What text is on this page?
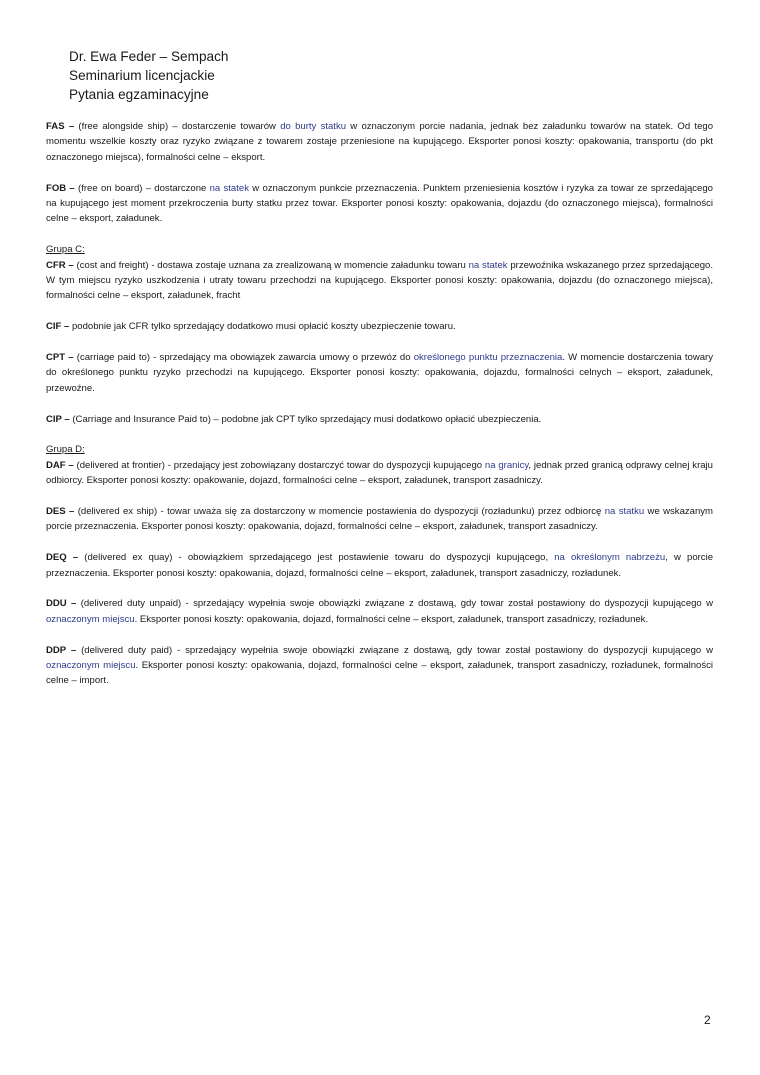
Dr. Ewa Feder – Sempach
Seminarium licencjackie
Pytania egzaminacyjne

FAS – (free alongside ship) – dostarczenie towarów do burty statku w oznaczonym porcie nadania, jednak bez załadunku towarów na statek. Od tego momentu wszelkie koszty oraz ryzyko związane z towarem zostaje przeniesione na kupującego. Eksporter ponosi koszty: opakowania, transportu (do pkt oznaczonego miejsca), formalności celne – eksport.

FOB – (free on board) – dostarczone na statek w oznaczonym punkcie przeznaczenia. Punktem przeniesienia kosztów i ryzyka za towar ze sprzedającego na kupującego jest moment przekroczenia burty statku przez towar. Eksporter ponosi koszty: opakowania, dojazdu (do oznaczonego miejsca), formalności celne – eksport, załadunek.

Grupa C:

CFR – (cost and freight) - dostawa zostaje uznana za zrealizowaną w momencie załadunku towaru na statek przewoźnika wskazanego przez sprzedającego. W tym miejscu ryzyko uszkodzenia i utraty towaru przechodzi na kupującego. Eksporter ponosi koszty: opakowania, dojazdu (do oznaczonego miejsca), formalności celne – eksport, załadunek, fracht

CIF – podobnie jak CFR tylko sprzedający dodatkowo musi opłacić koszty ubezpieczenie towaru.

CPT – (carriage paid to) - sprzedający ma obowiązek zawarcia umowy o przewóz do określonego punktu przeznaczenia. W momencie dostarczenia towary do określonego punktu ryzyko przechodzi na kupującego. Eksporter ponosi koszty: opakowania, dojazdu, formalności celnych – eksport, załadunek, przewoźne.

CIP – (Carriage and Insurance Paid to) – podobne jak CPT tylko sprzedający musi dodatkowo opłacić ubezpieczenia.

Grupa D:

DAF – (delivered at frontier) - przedający jest zobowiązany dostarczyć towar do dyspozycji kupującego na granicy, jednak przed granicą odprawy celnej kraju odbiorcy. Eksporter ponosi koszty: opakowanie, dojazd, formalności celne – eksport, załadunek, transport zasadniczy.

DES – (delivered ex ship) - towar uważa się za dostarczony w momencie postawienia do dyspozycji (rozładunku) przez odbiorcę na statku we wskazanym porcie przeznaczenia. Eksporter ponosi koszty: opakowania, dojazd, formalności celne – eksport, załadunek, transport zasadniczy.

DEQ – (delivered ex quay) - obowiązkiem sprzedającego jest postawienie towaru do dyspozycji kupującego, na określonym nabrzeżu, w porcie przeznaczenia. Eksporter ponosi koszty: opakowania, dojazd, formalności celne – eksport, załadunek, transport zasadniczy, rozładunek.

DDU – (delivered duty unpaid) - sprzedający wypełnia swoje obowiązki związane z dostawą, gdy towar został postawiony do dyspozycji kupującego w oznaczonym miejscu. Eksporter ponosi koszty: opakowania, dojazd, formalności celne – eksport, załadunek, transport zasadniczy, rozładunek.

DDP – (delivered duty paid) - sprzedający wypełnia swoje obowiązki związane z dostawą, gdy towar został postawiony do dyspozycji kupującego w oznaczonym miejscu. Eksporter ponosi koszty: opakowania, dojazd, formalności celne – eksport, załadunek, transport zasadniczy, rozładunek, formalności celne – import.

2
